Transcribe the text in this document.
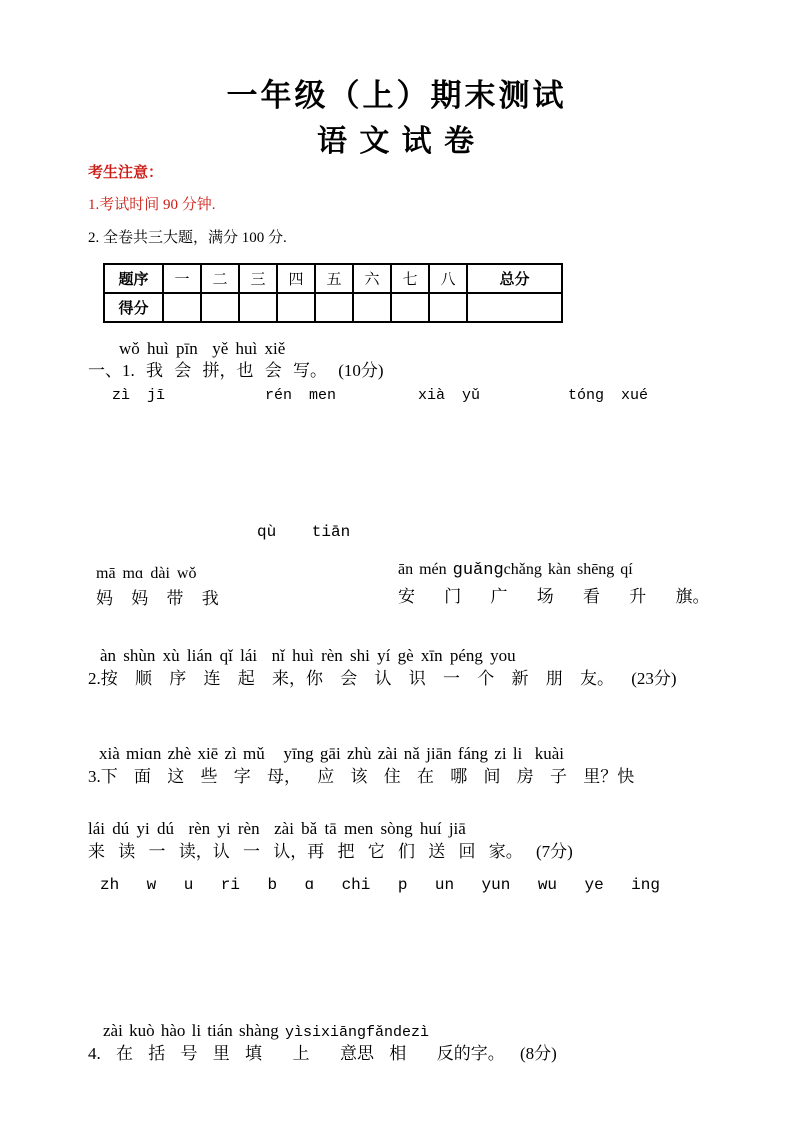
一年级（上）期末测试
语 文 试 卷
考生注意：
1.考试时间 90 分钟.
2. 全卷共三大题，满分 100 分.
题序	一	二	三	四	五	六	七	八	总分
得分									
wǒ huì pīn  yě huì xiě
一、1. 我 会 拼，也 会 写。 (10分)
zì jī	rén men	xià yǔ	tóng xué
qù tiān
mā mɑ dài wǒ
妈 妈 带 我
ān mén guǎngchǎng kàn shēng qí
安 门 广 场 看 升 旗。
àn shùn xù lián qǐ lái  nǐ huì rèn shi yí gè xīn péng you
2.按 顺 序 连 起 来，你 会 认 识 一 个 新 朋 友。 (23分)
xià miɑn zhè xiē zì mǔ   yīng gāi zhù zài nǎ jiān fáng zi li  kuài
3.下 面 这 些 字 母， 应 该 住 在 哪 间 房 子 里？快
lái dú yi dú  rèn yi rèn  zài bǎ tā men sòng huí jiā
来 读 一 读，认 一 认，再 把 它 们 送 回 家。 (7分)
zh w u ri b ɑ chi p un yun wu ye ing
zài kuò hào li tián shàng yìsixiāngfǎndezì
4. 在 括 号 里 填  上  意思 相  反的字。 (8分)
